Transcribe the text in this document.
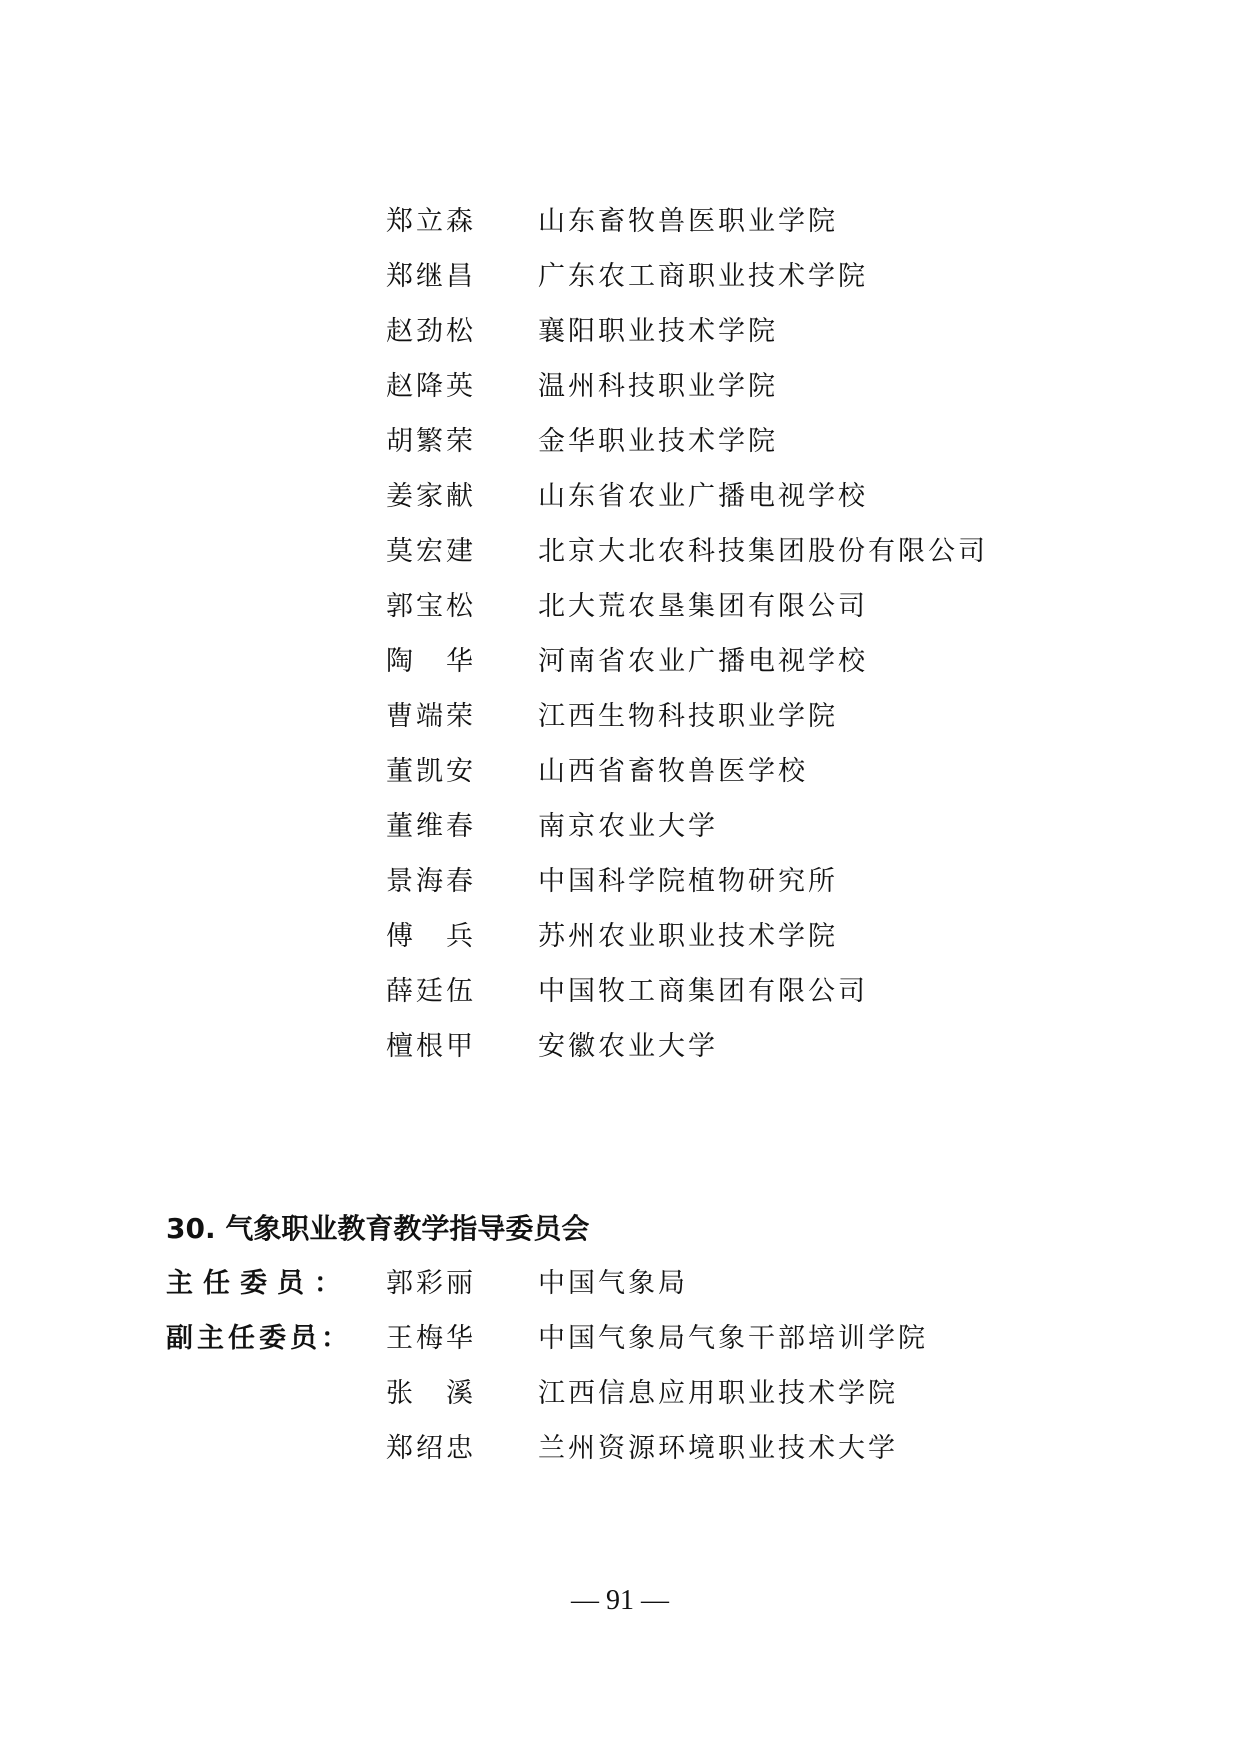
郑立森 山东畜牧兽医职业学院
郑继昌 广东农工商职业技术学院
赵劲松 襄阳职业技术学院
赵降英 温州科技职业学院
胡繁荣 金华职业技术学院
姜家献 山东省农业广播电视学校
莫宏建 北京大北农科技集团股份有限公司
郭宝松 北大荒农垦集团有限公司
陶　华 河南省农业广播电视学校
曹端荣 江西生物科技职业学院
董凯安 山西省畜牧兽医学校
董维春 南京农业大学
景海春 中国科学院植物研究所
傅　兵 苏州农业职业技术学院
薛廷伍 中国牧工商集团有限公司
檀根甲 安徽农业大学
30. 气象职业教育教学指导委员会
主任委员： 郭彩丽 中国气象局
副主任委员： 王梅华 中国气象局气象干部培训学院
张　溪 江西信息应用职业技术学院
郑绍忠 兰州资源环境职业技术大学
— 91 —
